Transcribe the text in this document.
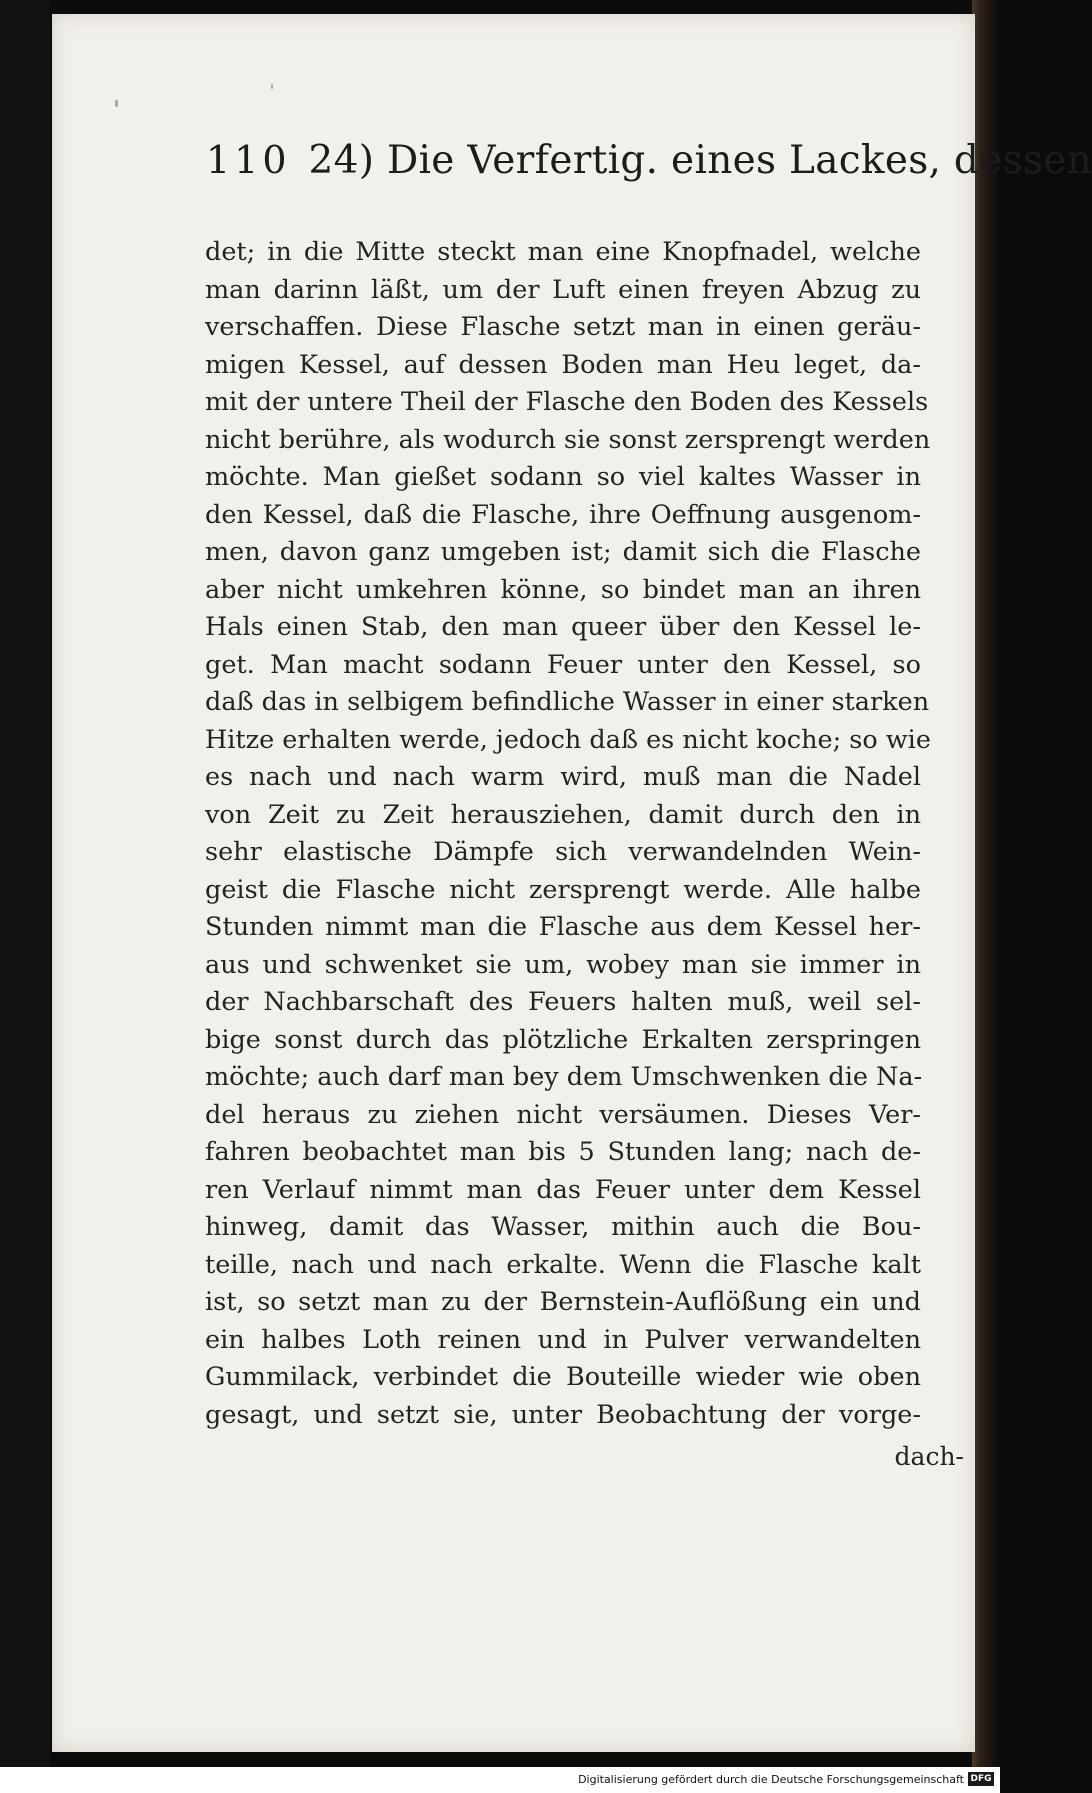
110 24) Die Verfertig. eines Lackes, dessen
det; in die Mitte steckt man eine Knopfnadel, welche
man darinn läßt, um der Luft einen freyen Abzug zu
verschaffen. Diese Flasche setzt man in einen geräu-
migen Kessel, auf dessen Boden man Heu leget, da-
mit der untere Theil der Flasche den Boden des Kessels
nicht berühre, als wodurch sie sonst zersprengt werden
möchte. Man gießet sodann so viel kaltes Wasser in
den Kessel, daß die Flasche, ihre Oeffnung ausgenom-
men, davon ganz umgeben ist; damit sich die Flasche
aber nicht umkehren könne, so bindet man an ihren
Hals einen Stab, den man queer über den Kessel le-
get. Man macht sodann Feuer unter den Kessel, so
daß das in selbigem befindliche Wasser in einer starken
Hitze erhalten werde, jedoch daß es nicht koche; so wie
es nach und nach warm wird, muß man die Nadel
von Zeit zu Zeit herausziehen, damit durch den in
sehr elastische Dämpfe sich verwandelnden Wein-
geist die Flasche nicht zersprengt werde. Alle halbe
Stunden nimmt man die Flasche aus dem Kessel her-
aus und schwenket sie um, wobey man sie immer in
der Nachbarschaft des Feuers halten muß, weil sel-
bige sonst durch das plötzliche Erkalten zerspringen
möchte; auch darf man bey dem Umschwenken die Na-
del heraus zu ziehen nicht versäumen. Dieses Ver-
fahren beobachtet man bis 5 Stunden lang; nach de-
ren Verlauf nimmt man das Feuer unter dem Kessel
hinweg, damit das Wasser, mithin auch die Bou-
teille, nach und nach erkalte. Wenn die Flasche kalt
ist, so setzt man zu der Bernstein-Auflößung ein und
ein halbes Loth reinen und in Pulver verwandelten
Gummilack, verbindet die Bouteille wieder wie oben
gesagt, und setzt sie, unter Beobachtung der vorge-
dach-
Digitalisierung gefördert durch die Deutsche Forschungsgemeinschaft DFG
